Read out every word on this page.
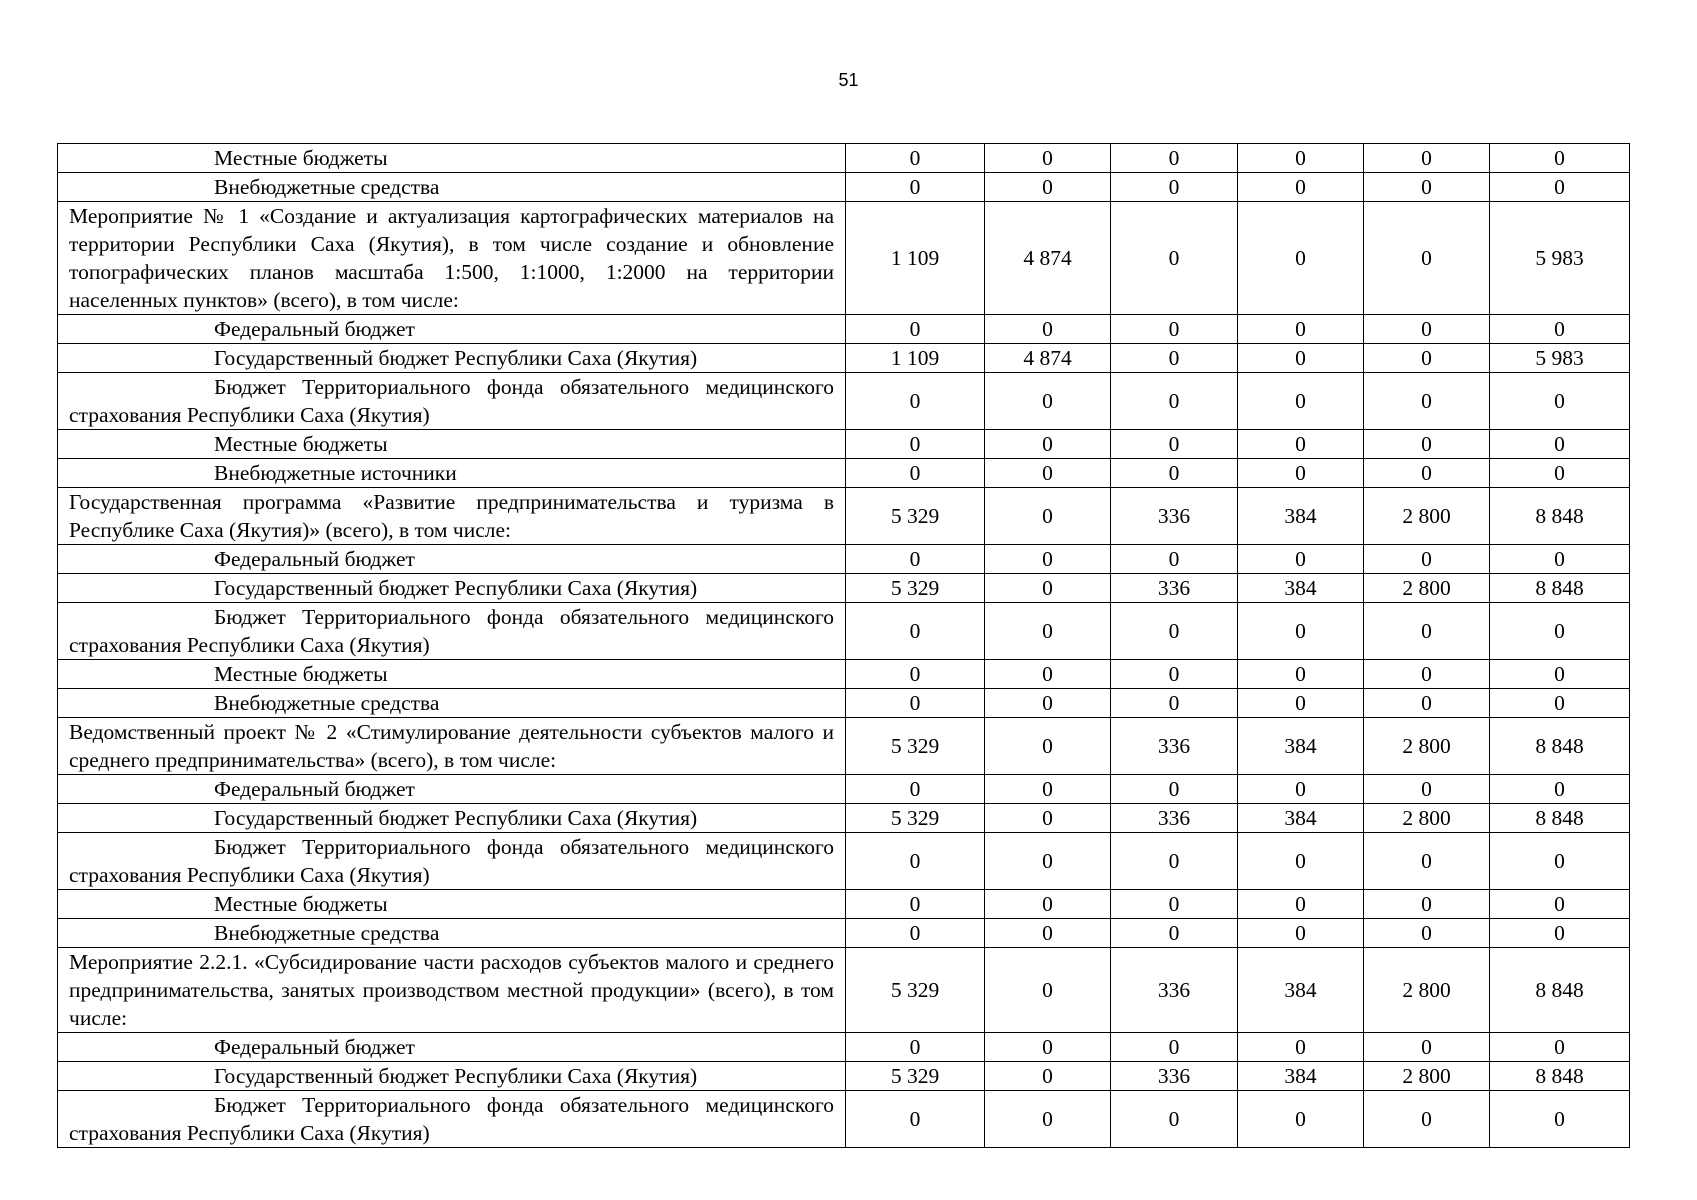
51
Местные бюджеты	0	0	0	0	0	0
Внебюджетные средства	0	0	0	0	0	0
Мероприятие № 1 «Создание и актуализация картографических материалов на территории Республики Саха (Якутия), в том числе создание и обновление топографических планов масштаба 1:500, 1:1000, 1:2000 на территории населенных пунктов» (всего), в том числе:	1 109	4 874	0	0	0	5 983
Федеральный бюджет	0	0	0	0	0	0
Государственный бюджет Республики Саха (Якутия)	1 109	4 874	0	0	0	5 983
Бюджет Территориального фонда обязательного медицинского страхования Республики Саха (Якутия)	0	0	0	0	0	0
Местные бюджеты	0	0	0	0	0	0
Внебюджетные источники	0	0	0	0	0	0
Государственная программа «Развитие предпринимательства и туризма в Республике Саха (Якутия)» (всего), в том числе:	5 329	0	336	384	2 800	8 848
Федеральный бюджет	0	0	0	0	0	0
Государственный бюджет Республики Саха (Якутия)	5 329	0	336	384	2 800	8 848
Бюджет Территориального фонда обязательного медицинского страхования Республики Саха (Якутия)	0	0	0	0	0	0
Местные бюджеты	0	0	0	0	0	0
Внебюджетные средства	0	0	0	0	0	0
Ведомственный проект № 2 «Стимулирование деятельности субъектов малого и среднего предпринимательства» (всего), в том числе:	5 329	0	336	384	2 800	8 848
Федеральный бюджет	0	0	0	0	0	0
Государственный бюджет Республики Саха (Якутия)	5 329	0	336	384	2 800	8 848
Бюджет Территориального фонда обязательного медицинского страхования Республики Саха (Якутия)	0	0	0	0	0	0
Местные бюджеты	0	0	0	0	0	0
Внебюджетные средства	0	0	0	0	0	0
Мероприятие 2.2.1. «Субсидирование части расходов субъектов малого и среднего предпринимательства, занятых производством местной продукции» (всего), в том числе:	5 329	0	336	384	2 800	8 848
Федеральный бюджет	0	0	0	0	0	0
Государственный бюджет Республики Саха (Якутия)	5 329	0	336	384	2 800	8 848
Бюджет Территориального фонда обязательного медицинского страхования Республики Саха (Якутия)	0	0	0	0	0	0
